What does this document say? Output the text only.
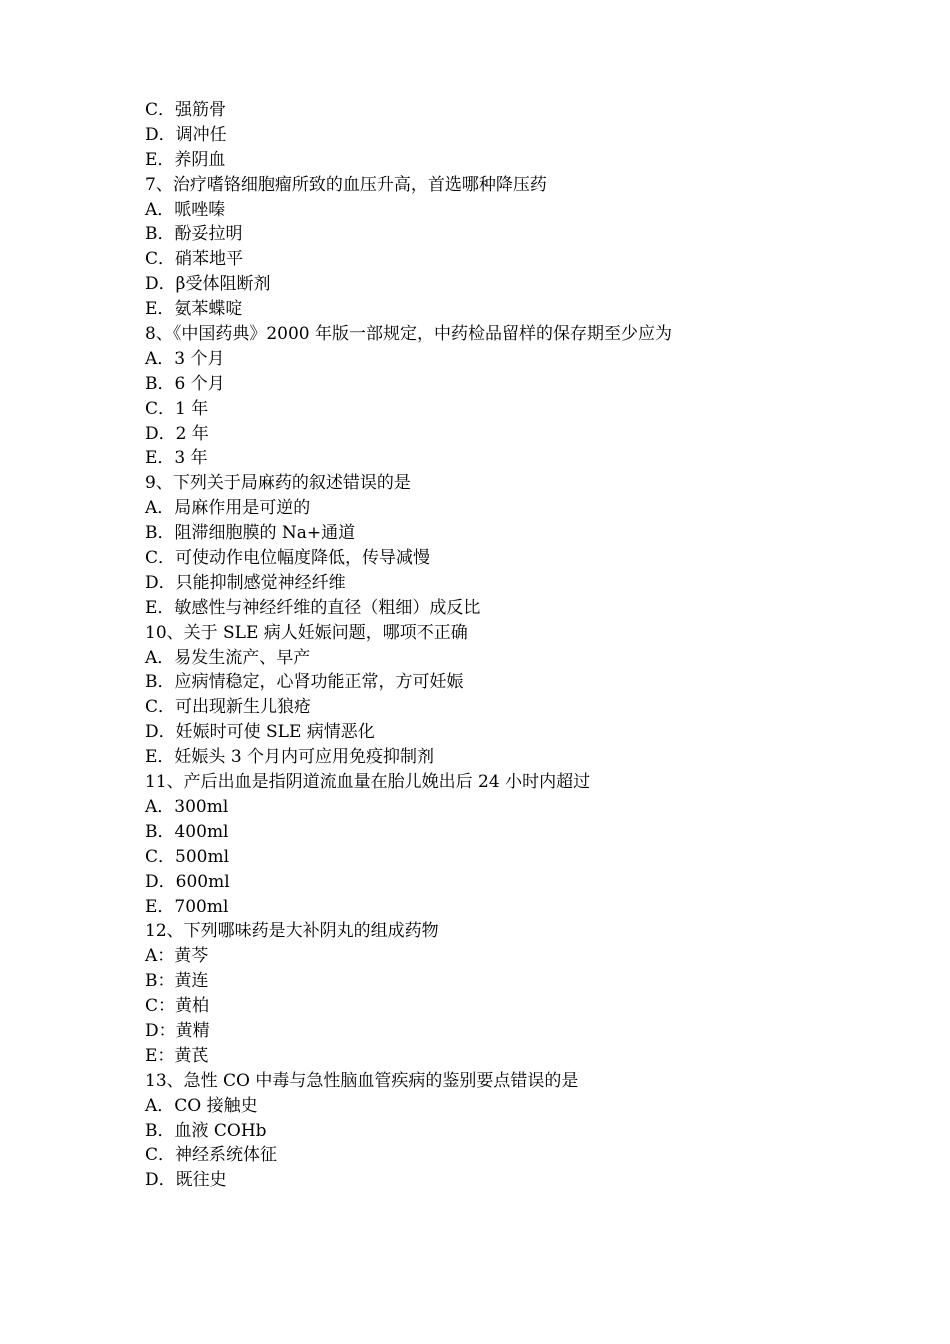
C．强筋骨
D．调冲任
E．养阴血
7、治疗嗜铬细胞瘤所致的血压升高，首选哪种降压药
A．哌唑嗪
B．酚妥拉明
C．硝苯地平
D．β受体阻断剂
E．氨苯蝶啶
8、《中国药典》2000 年版一部规定，中药检品留样的保存期至少应为
A．3 个月
B．6 个月
C．1 年
D．2 年
E．3 年
9、下列关于局麻药的叙述错误的是
A．局麻作用是可逆的
B．阻滞细胞膜的 Na+通道
C．可使动作电位幅度降低，传导减慢
D．只能抑制感觉神经纤维
E．敏感性与神经纤维的直径（粗细）成反比
10、关于 SLE 病人妊娠问题，哪项不正确
A．易发生流产、早产
B．应病情稳定，心肾功能正常，方可妊娠
C．可出现新生儿狼疮
D．妊娠时可使 SLE 病情恶化
E．妊娠头 3 个月内可应用免疫抑制剂
11、产后出血是指阴道流血量在胎儿娩出后 24 小时内超过
A．300ml
B．400ml
C．500ml
D．600ml
E．700ml
12、下列哪味药是大补阴丸的组成药物
A：黄芩
B：黄连
C：黄柏
D：黄精
E：黄芪
13、急性 CO 中毒与急性脑血管疾病的鉴别要点错误的是
A．CO 接触史
B．血液 COHb
C．神经系统体征
D．既往史
